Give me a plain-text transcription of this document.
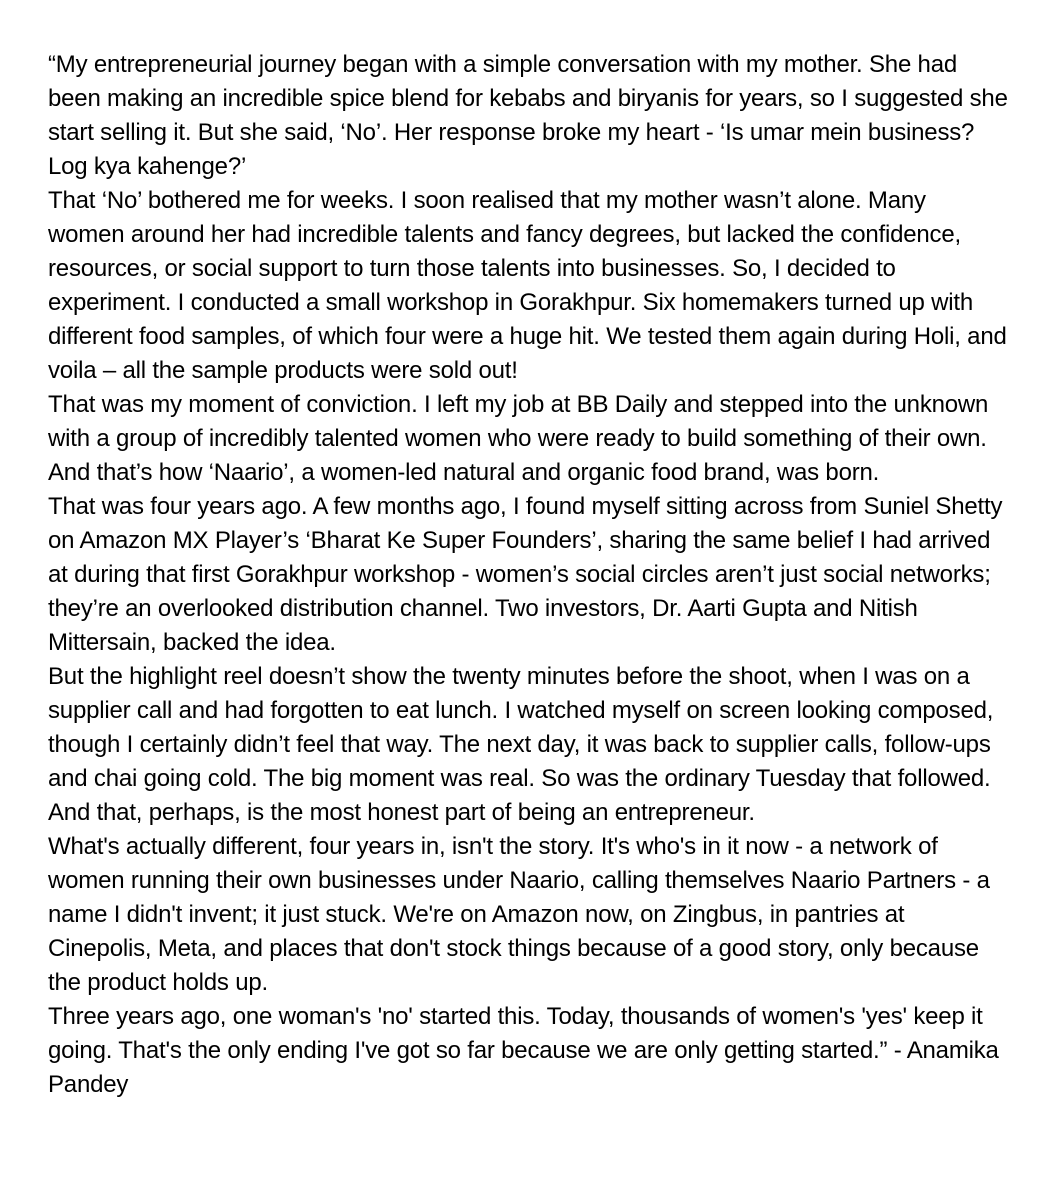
“My entrepreneurial journey began with a simple conversation with my mother. She had been making an incredible spice blend for kebabs and biryanis for years, so I suggested she start selling it. But she said, ‘No’. Her response broke my heart - ‘Is umar mein business? Log kya kahenge?’

That ‘No’ bothered me for weeks. I soon realised that my mother wasn’t alone. Many women around her had incredible talents and fancy degrees, but lacked the confidence, resources, or social support to turn those talents into businesses. So, I decided to experiment. I conducted a small workshop in Gorakhpur. Six homemakers turned up with different food samples, of which four were a huge hit. We tested them again during Holi, and voila – all the sample products were sold out!

That was my moment of conviction. I left my job at BB Daily and stepped into the unknown with a group of incredibly talented women who were ready to build something of their own. And that’s how ‘Naario’, a women-led natural and organic food brand, was born.

That was four years ago. A few months ago, I found myself sitting across from Suniel Shetty on Amazon MX Player’s ‘Bharat Ke Super Founders’, sharing the same belief I had arrived at during that first Gorakhpur workshop - women’s social circles aren’t just social networks; they’re an overlooked distribution channel. Two investors, Dr. Aarti Gupta and Nitish Mittersain, backed the idea.

But the highlight reel doesn’t show the twenty minutes before the shoot, when I was on a supplier call and had forgotten to eat lunch. I watched myself on screen looking composed, though I certainly didn’t feel that way. The next day, it was back to supplier calls, follow-ups and chai going cold. The big moment was real. So was the ordinary Tuesday that followed. And that, perhaps, is the most honest part of being an entrepreneur.

What's actually different, four years in, isn't the story. It's who's in it now - a network of women running their own businesses under Naario, calling themselves Naario Partners - a name I didn't invent; it just stuck. We're on Amazon now, on Zingbus, in pantries at Cinepolis, Meta, and places that don't stock things because of a good story, only because the product holds up.

Three years ago, one woman's 'no' started this. Today, thousands of women's 'yes' keep it going. That's the only ending I've got so far because we are only getting started.” - Anamika Pandey
